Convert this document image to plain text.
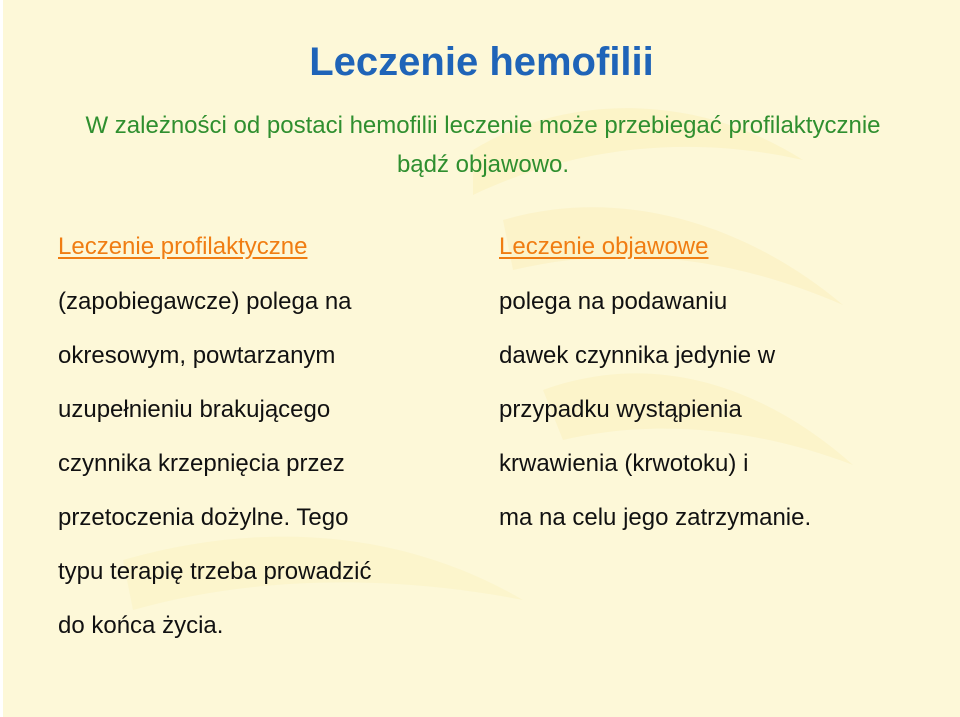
Leczenie hemofilii
W zależności od postaci hemofilii leczenie może przebiegać profilaktycznie bądź objawowo.
Leczenie profilaktyczne
(zapobiegawcze) polega na
okresowym, powtarzanym
uzupełnieniu brakującego
czynnika krzepnięcia przez
przetoczenia dożylne. Tego
typu terapię trzeba prowadzić
do końca życia.
Leczenie objawowe
polega na podawaniu
dawek czynnika jedynie w
przypadku wystąpienia
krwawienia (krwotoku) i
ma na celu jego zatrzymanie.
